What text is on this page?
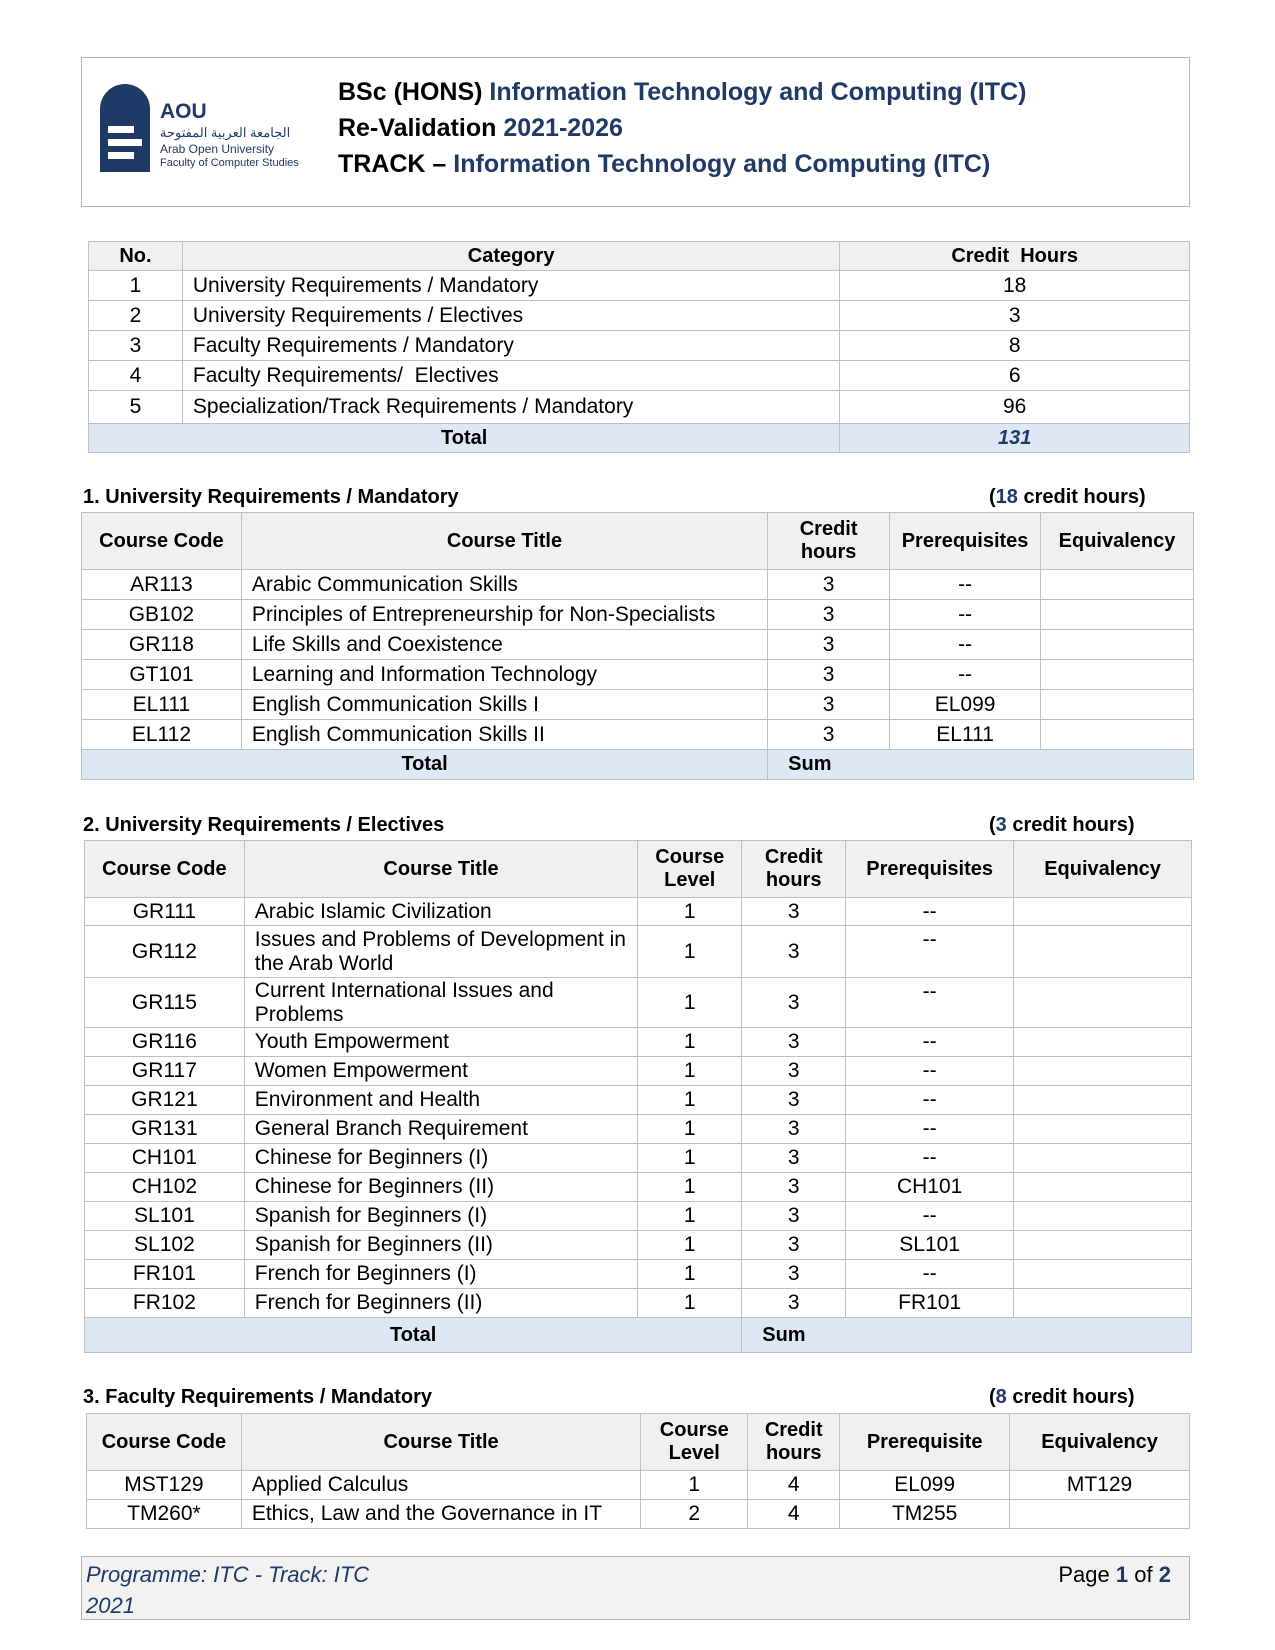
AOU
الجامعة العربية المفتوحة
Arab Open University
Faculty of Computer Studies
BSc (HONS) Information Technology and Computing (ITC)
Re-Validation 2021-2026
TRACK – Information Technology and Computing (ITC)
No.	Category	Credit  Hours
1	University Requirements / Mandatory	18
2	University Requirements / Electives	3
3	Faculty Requirements / Mandatory	8
4	Faculty Requirements/  Electives	6
5	Specialization/Track Requirements / Mandatory	96
Total		131
1. University Requirements / Mandatory	(18 credit hours)
Course Code	Course Title	Credit hours	Prerequisites	Equivalency
AR113	Arabic Communication Skills	3	--	
GB102	Principles of Entrepreneurship for Non-Specialists	3	--	
GR118	Life Skills and Coexistence	3	--	
GT101	Learning and Information Technology	3	--	
EL111	English Communication Skills I	3	EL099	
EL112	English Communication Skills II	3	EL111	
Total		Sum		
2. University Requirements / Electives	(3 credit hours)
Course Code	Course Title	Course Level	Credit hours	Prerequisites	Equivalency
GR111	Arabic Islamic Civilization	1	3	--	
GR112	Issues and Problems of Development in the Arab World	1	3	--	
GR115	Current International Issues and Problems	1	3	--	
GR116	Youth Empowerment	1	3	--	
GR117	Women Empowerment	1	3	--	
GR121	Environment and Health	1	3	--	
GR131	General Branch Requirement	1	3	--	
CH101	Chinese for Beginners (I)	1	3	--	
CH102	Chinese for Beginners (II)	1	3	CH101	
SL101	Spanish for Beginners (I)	1	3	--	
SL102	Spanish for Beginners (II)	1	3	SL101	
FR101	French for Beginners (I)	1	3	--	
FR102	French for Beginners (II)	1	3	FR101	
Total			Sum		
3. Faculty Requirements / Mandatory	(8 credit hours)
Course Code	Course Title	Course Level	Credit hours	Prerequisite	Equivalency
MST129	Applied Calculus	1	4	EL099	MT129
TM260*	Ethics, Law and the Governance in IT	2	4	TM255	
Programme: ITC - Track: ITC
2021
Page 1 of 2
